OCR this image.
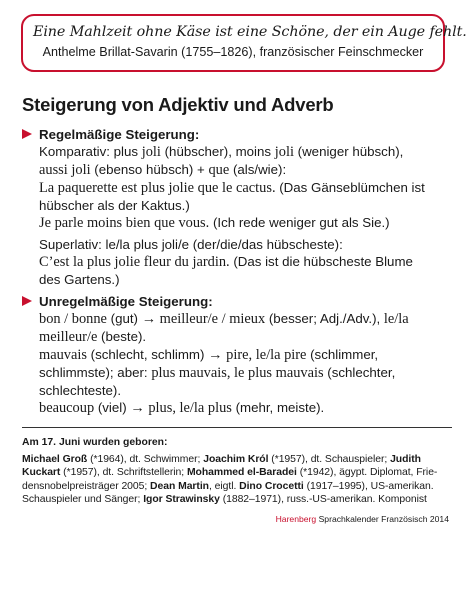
Eine Mahlzeit ohne Käse ist eine Schöne, der ein Auge fehlt.
Anthelme Brillat-Savarin (1755–1826), französischer Feinschmecker
Steigerung von Adjektiv und Adverb
Regelmäßige Steigerung:
Komparativ: plus joli (hübscher), moins joli (weniger hübsch),
aussi joli (ebenso hübsch) + que (als/wie):
La paquerette est plus jolie que le cactus. (Das Gänseblümchen ist
hübscher als der Kaktus.)
Je parle moins bien que vous. (Ich rede weniger gut als Sie.)
Superlativ: le/la plus joli/e (der/die/das hübscheste):
C’est la plus jolie fleur du jardin. (Das ist die hübscheste Blume
des Gartens.)
Unregelmäßige Steigerung:
bon / bonne (gut) → meilleur/e / mieux (besser; Adj./Adv.), le/la
meilleur/e (beste).
mauvais (schlecht, schlimm) → pire, le/la pire (schlimmer,
schlimmste); aber: plus mauvais, le plus mauvais (schlechter,
schlechteste).
beaucoup (viel) → plus, le/la plus (mehr, meiste).
Am 17. Juni wurden geboren:
Michael Groß (*1964), dt. Schwimmer; Joachim Król (*1957), dt. Schauspieler; Judith
Kuckart (*1957), dt. Schriftstellerin; Mohammed el-Baradei (*1942), ägypt. Diplomat, Frie-
densnobelpreisträger 2005; Dean Martin, eigtl. Dino Crocetti (1917–1995), US-amerikan.
Schauspieler und Sänger; Igor Strawinsky (1882–1971), russ.-US-amerikan. Komponist
Harenberg Sprachkalender Französisch 2014
